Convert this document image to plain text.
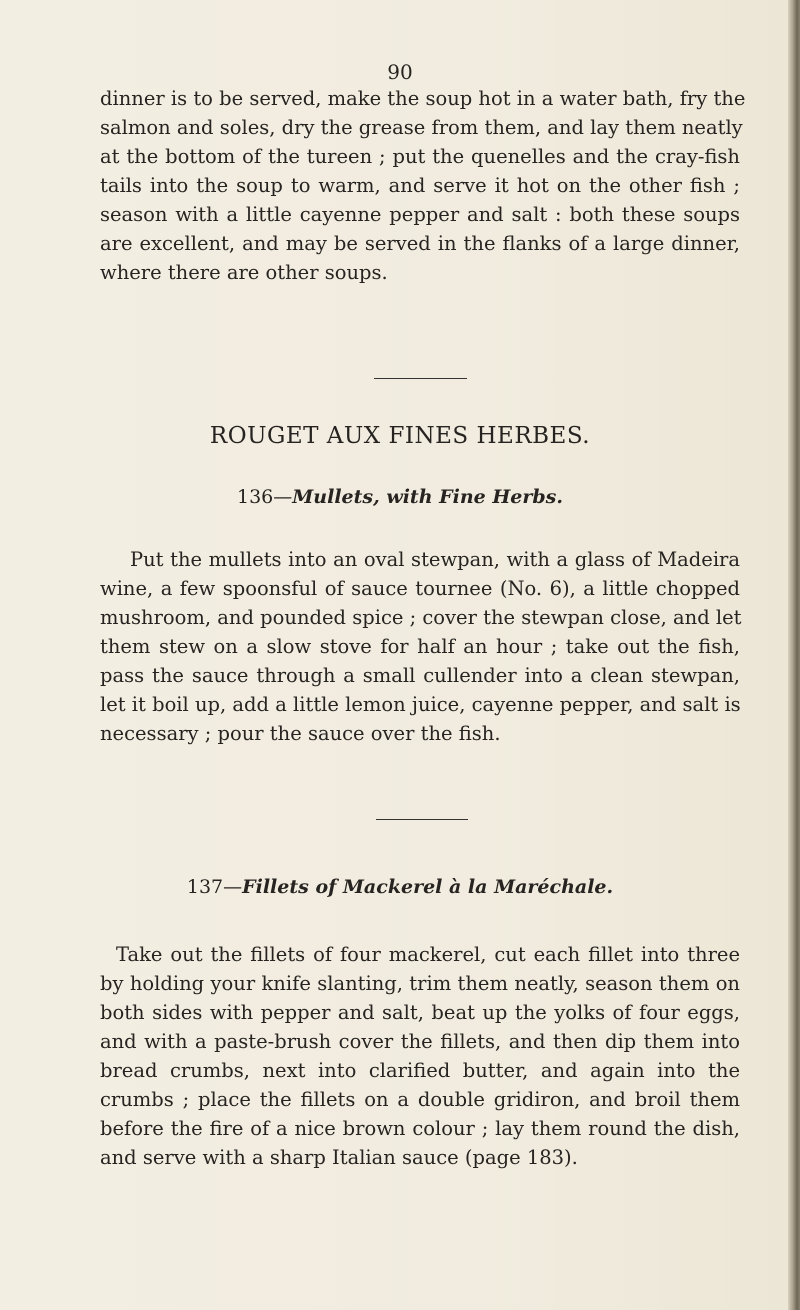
90
dinner is to be served, make the soup hot in a water bath, fry the
salmon and soles, dry the grease from them, and lay them neatly
at the bottom of the tureen ; put the quenelles and the cray-fish
tails into the soup to warm, and serve it hot on the other fish ;
season with a little cayenne pepper and salt : both these soups
are excellent, and may be served in the flanks of a large dinner,
where there are other soups.
ROUGET AUX FINES HERBES.
136—Mullets, with Fine Herbs.
Put the mullets into an oval stewpan, with a glass of Madeira
wine, a few spoonsful of sauce tournee (No. 6), a little chopped
mushroom, and pounded spice ; cover the stewpan close, and let
them stew on a slow stove for half an hour ; take out the fish,
pass the sauce through a small cullender into a clean stewpan,
let it boil up, add a little lemon juice, cayenne pepper, and salt is
necessary ; pour the sauce over the fish.
137—Fillets of Mackerel à la Maréchale.
Take out the fillets of four mackerel, cut each fillet into three
by holding your knife slanting, trim them neatly, season them on
both sides with pepper and salt, beat up the yolks of four eggs,
and with a paste-brush cover the fillets, and then dip them into
bread crumbs, next into clarified butter, and again into the
crumbs ; place the fillets on a double gridiron, and broil them
before the fire of a nice brown colour ; lay them round the dish,
and serve with a sharp Italian sauce (page 183).
